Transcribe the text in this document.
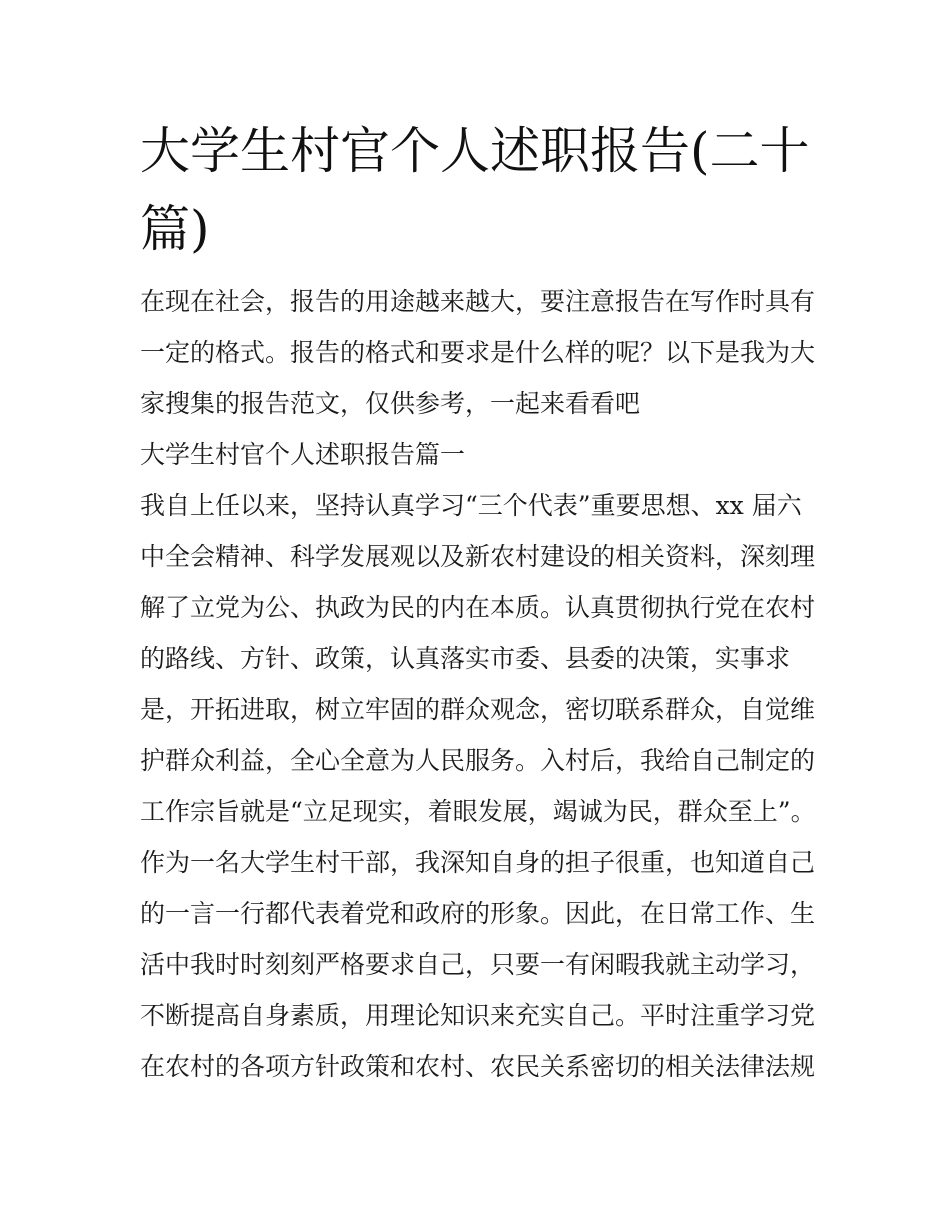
大学生村官个人述职报告(二十
篇)
在现在社会，报告的用途越来越大，要注意报告在写作时具有
一定的格式。报告的格式和要求是什么样的呢？以下是我为大
家搜集的报告范文，仅供参考，一起来看看吧
大学生村官个人述职报告篇一
我自上任以来，坚持认真学习“三个代表”重要思想、xx 届六
中全会精神、科学发展观以及新农村建设的相关资料，深刻理
解了立党为公、执政为民的内在本质。认真贯彻执行党在农村
的路线、方针、政策，认真落实市委、县委的决策，实事求
是，开拓进取，树立牢固的群众观念，密切联系群众，自觉维
护群众利益，全心全意为人民服务。入村后，我给自己制定的
工作宗旨就是“立足现实，着眼发展，竭诚为民，群众至上”。
作为一名大学生村干部，我深知自身的担子很重，也知道自己
的一言一行都代表着党和政府的形象。因此，在日常工作、生
活中我时时刻刻严格要求自己，只要一有闲暇我就主动学习，
不断提高自身素质，用理论知识来充实自己。平时注重学习党
在农村的各项方针政策和农村、农民关系密切的相关法律法规
